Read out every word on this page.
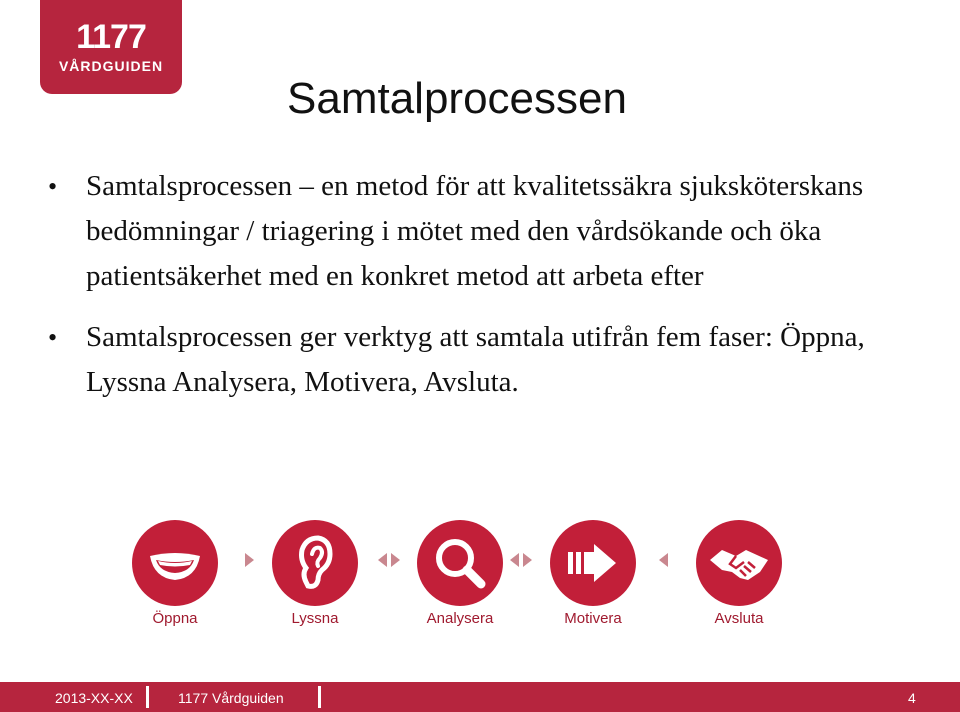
1177
VÅRDGUIDEN
Samtalprocessen
• Samtalsprocessen – en metod för att kvalitetssäkra sjuksköterskans bedömningar / triagering i mötet med den vårdsökande och öka patientsäkerhet med en konkret metod att arbeta efter
• Samtalsprocessen ger verktyg att samtala utifrån fem faser: Öppna, Lyssna Analysera, Motivera, Avsluta.
Öppna	Lyssna	Analysera	Motivera	Avsluta
2013-XX-XX	1177 Vårdguiden	4
